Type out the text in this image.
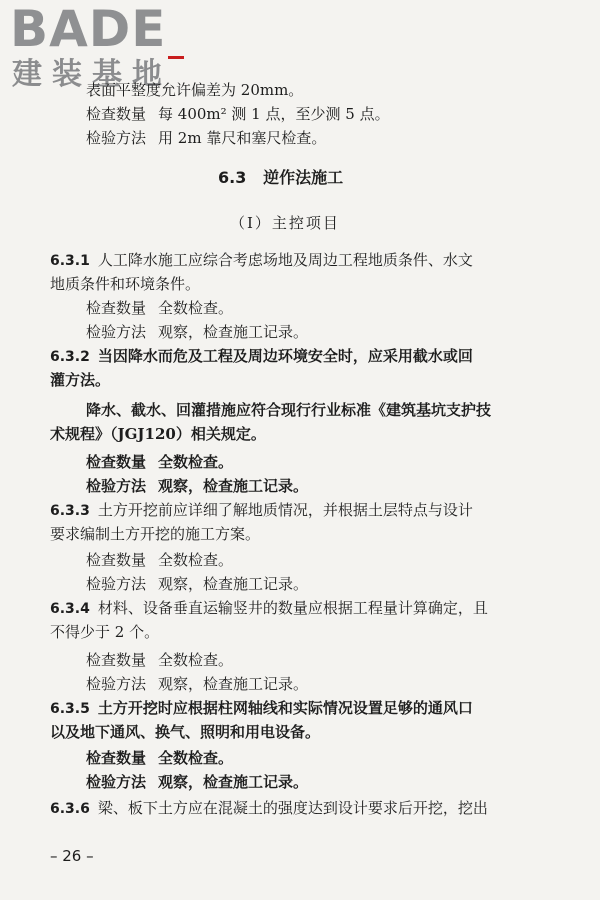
BADE
建装基地
表面平整度允许偏差为 20mm。
检查数量 每 400m² 测 1 点，至少测 5 点。
检验方法 用 2m 靠尺和塞尺检查。
6.3 逆作法施工
（Ⅰ）主控项目
6.3.1 人工降水施工应综合考虑场地及周边工程地质条件、水文
地质条件和环境条件。
检查数量 全数检查。
检验方法 观察，检查施工记录。
6.3.2 当因降水而危及工程及周边环境安全时，应采用截水或回
灌方法。
降水、截水、回灌措施应符合现行行业标准《建筑基坑支护技
术规程》（JGJ120）相关规定。
检查数量 全数检查。
检验方法 观察，检查施工记录。
6.3.3 土方开挖前应详细了解地质情况，并根据土层特点与设计
要求编制土方开挖的施工方案。
检查数量 全数检查。
检验方法 观察，检查施工记录。
6.3.4 材料、设备垂直运输竖井的数量应根据工程量计算确定，且
不得少于 2 个。
检查数量 全数检查。
检验方法 观察，检查施工记录。
6.3.5 土方开挖时应根据柱网轴线和实际情况设置足够的通风口
以及地下通风、换气、照明和用电设备。
检查数量 全数检查。
检验方法 观察，检查施工记录。
6.3.6 梁、板下土方应在混凝土的强度达到设计要求后开挖，挖出
– 26 –
